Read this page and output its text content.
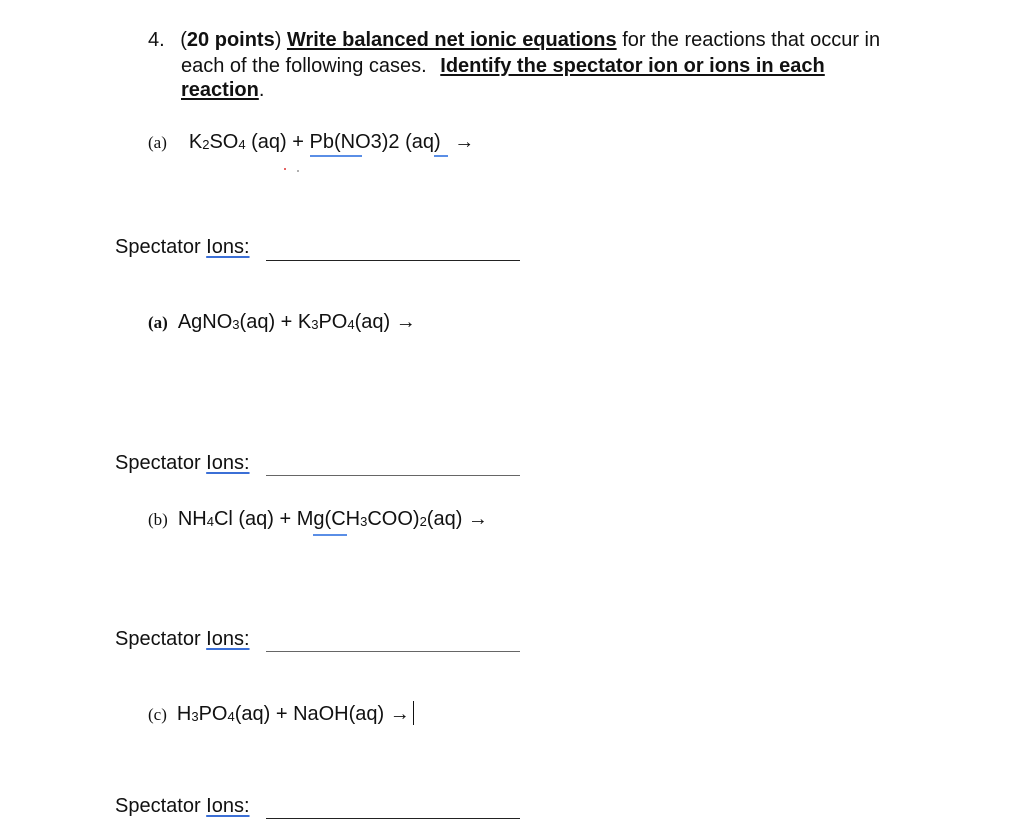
4. (20 points) Write balanced net ionic equations for the reactions that occur in
each of the following cases. Identify the spectator ion or ions in each
reaction.
(a) $K_2SO_4$ (aq) + Pb(NO3)2 (aq) →
Spectator Ions:
(a) AgNO$_3$(aq) + $K_3PO_4(aq)$ →
Spectator Ions:
(b) $NH_4Cl$ $(aq) + Mg(CH_3COO)_2(aq)$ →
Spectator Ions:
(c) $H_3PO_4(aq)$ + NaOH(aq) →
Spectator Ions:
